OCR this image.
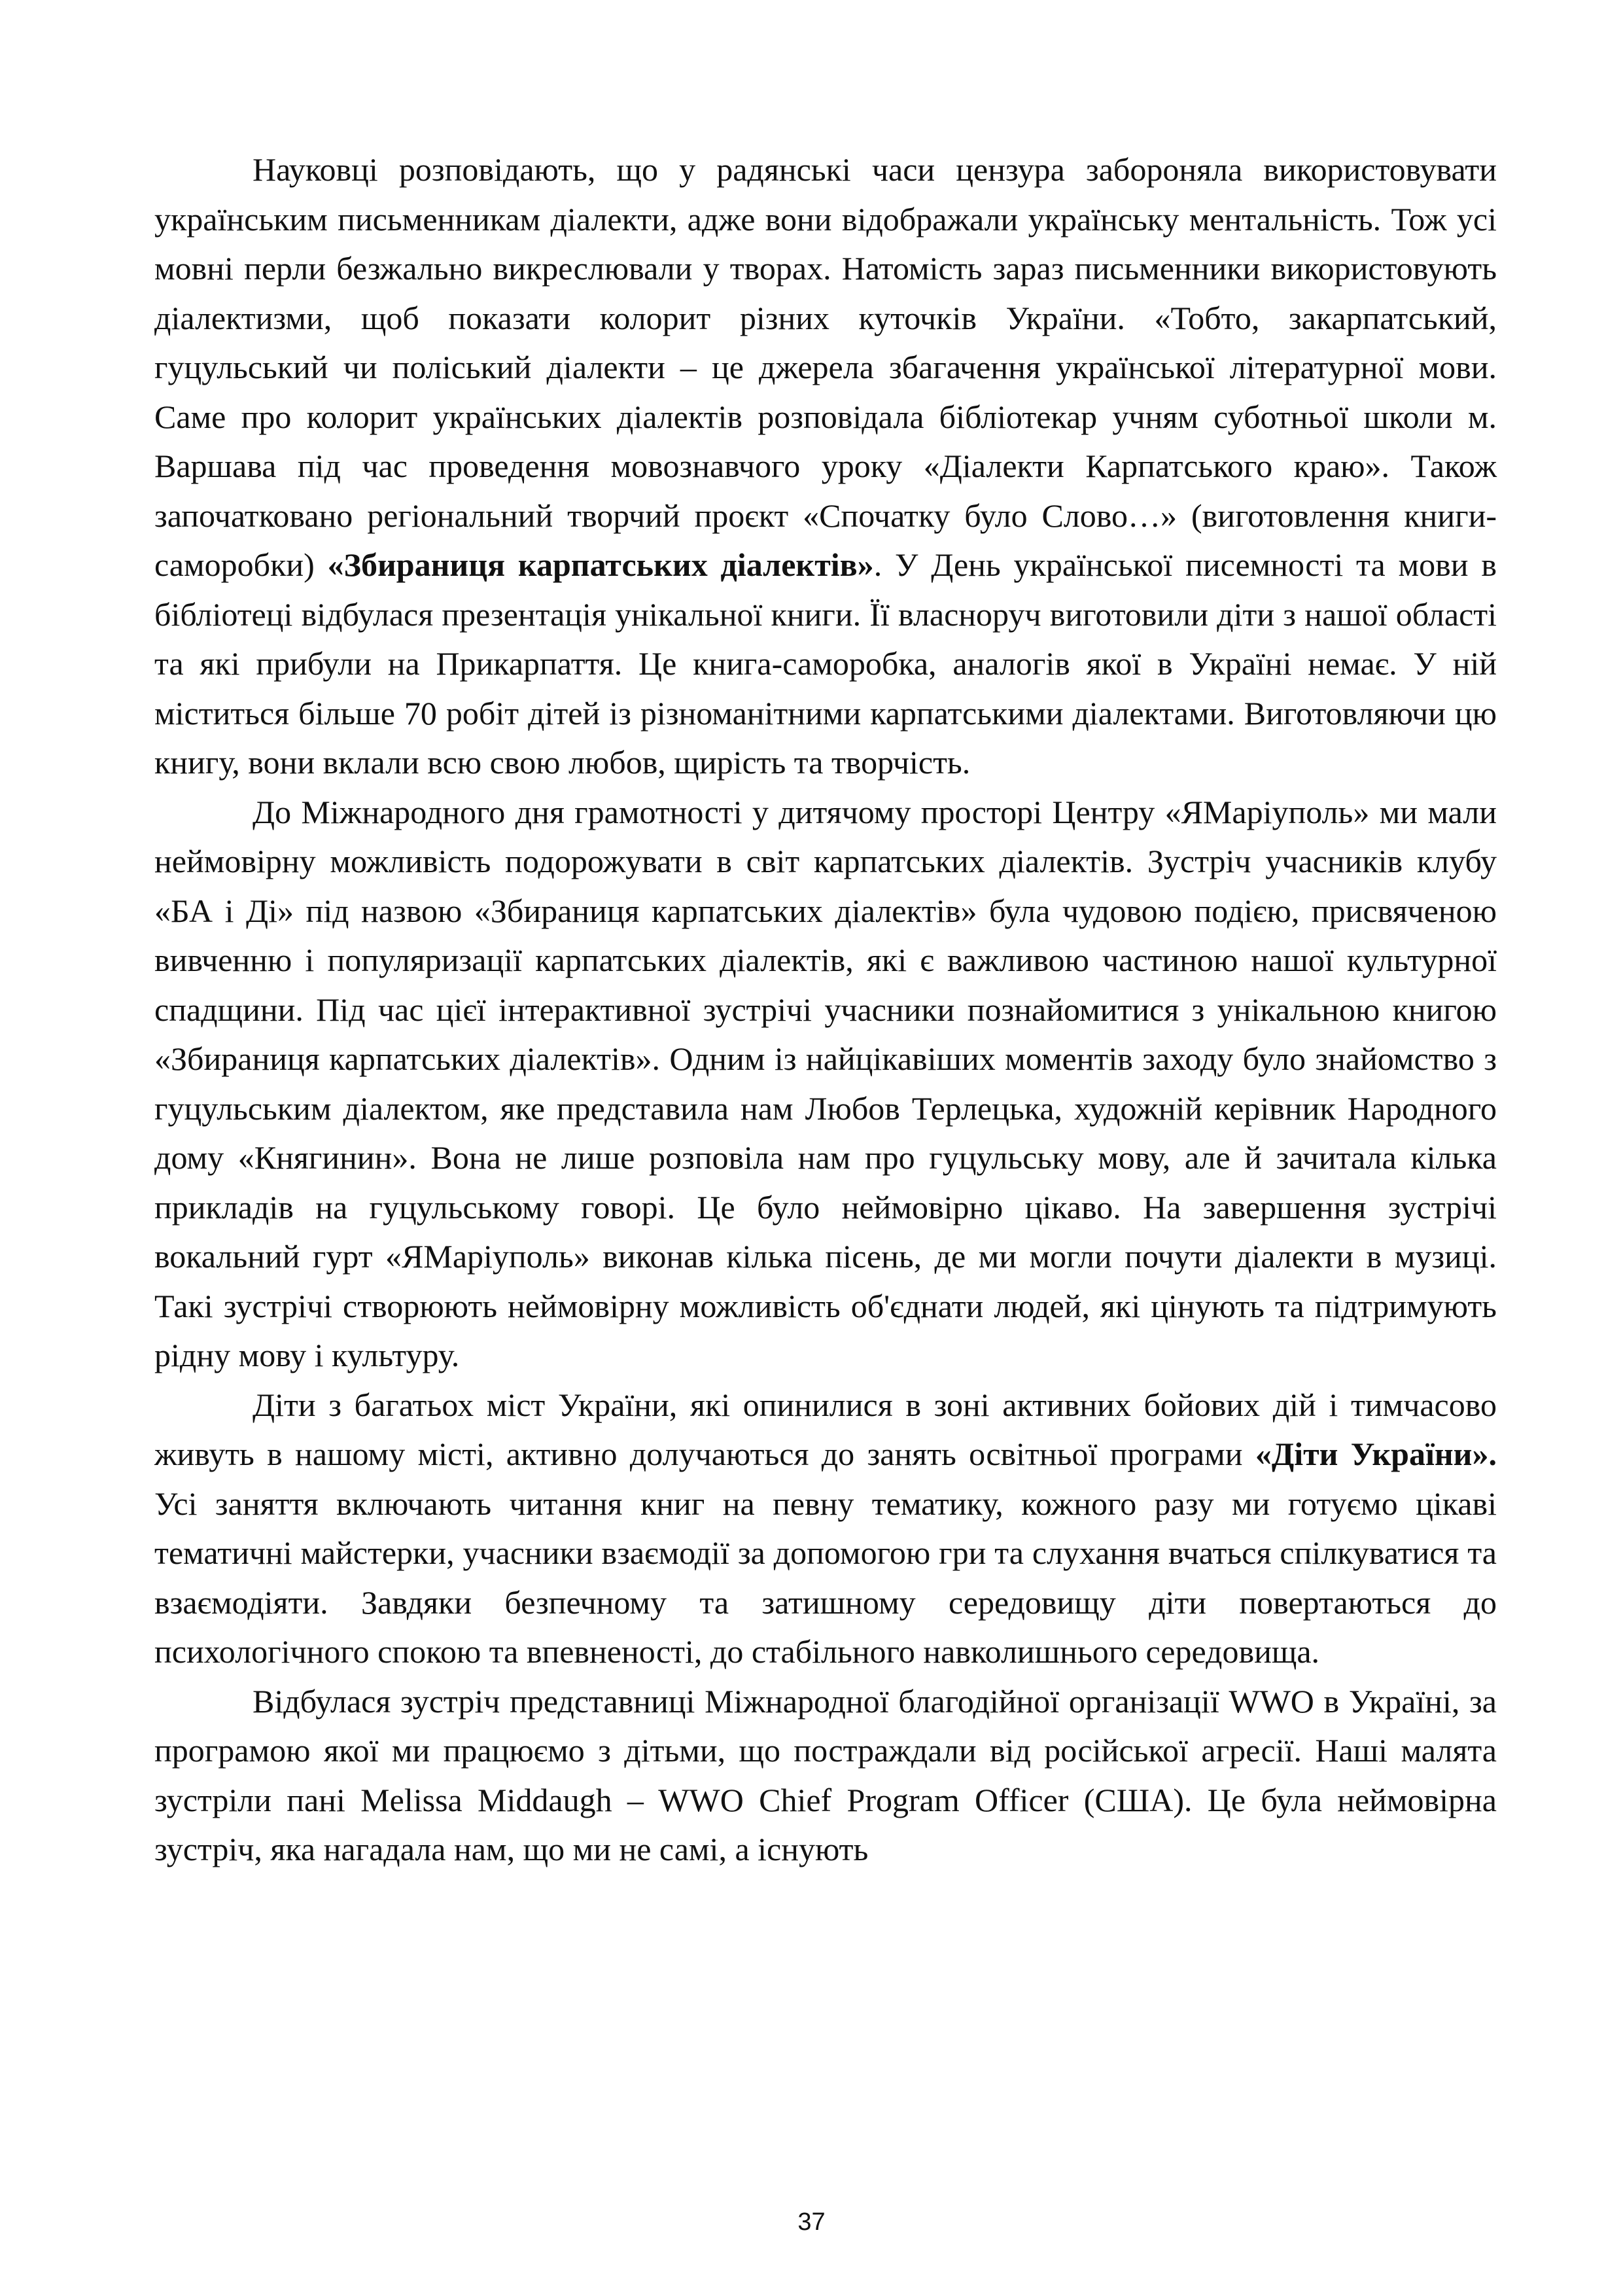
Науковці розповідають, що у радянські часи цензура забороняла використовувати українським письменникам діалекти, адже вони відображали українську ментальність. Тож усі мовні перли безжально викреслювали у творах. Натомість зараз письменники використовують діалектизми, щоб показати колорит різних куточків України. «Тобто, закарпатський, гуцульський чи поліський діалекти – це джерела збагачення української літературної мови. Саме про колорит українських діалектів розповідала бібліотекар учням суботньої школи м. Варшава під час проведення мовознавчого уроку «Діалекти Карпатського краю». Також започатковано регіональний творчий проєкт «Спочатку було Слово…» (виготовлення книги-саморобки) «Збираниця карпатських діалектів». У День української писемності та мови в бібліотеці відбулася презентація унікальної книги. Її власноруч виготовили діти з нашої області та які прибули на Прикарпаття. Це книга-саморобка, аналогів якої в Україні немає. У ній міститься більше 70 робіт дітей із різноманітними карпатськими діалектами. Виготовляючи цю книгу, вони вклали всю свою любов, щирість та творчість.

До Міжнародного дня грамотності у дитячому просторі Центру «ЯМаріуполь» ми мали неймовірну можливість подорожувати в світ карпатських діалектів. Зустріч учасників клубу «БА і Ді» під назвою «Збираниця карпатських діалектів» була чудовою подією, присвяченою вивченню і популяризації карпатських діалектів, які є важливою частиною нашої культурної спадщини. Під час цієї інтерактивної зустрічі учасники познайомитися з унікальною книгою «Збираниця карпатських діалектів». Одним із найцікавіших моментів заходу було знайомство з гуцульським діалектом, яке представила нам Любов Терлецька, художній керівник Народного дому «Княгинин». Вона не лише розповіла нам про гуцульську мову, але й зачитала кілька прикладів на гуцульському говорі. Це було неймовірно цікаво. На завершення зустрічі вокальний гурт «ЯМаріуполь» виконав кілька пісень, де ми могли почути діалекти в музиці. Такі зустрічі створюють неймовірну можливість об'єднати людей, які цінують та підтримують рідну мову і культуру.

Діти з багатьох міст України, які опинилися в зоні активних бойових дій і тимчасово живуть в нашому місті, активно долучаються до занять освітньої програми «Діти України». Усі заняття включають читання книг на певну тематику, кожного разу ми готуємо цікаві тематичні майстерки, учасники взаємодії за допомогою гри та слухання вчаться спілкуватися та взаємодіяти. Завдяки безпечному та затишному середовищу діти повертаються до психологічного спокою та впевненості, до стабільного навколишнього середовища.

Відбулася зустріч представниці Міжнародної благодійної організації WWO в Україні, за програмою якої ми працюємо з дітьми, що постраждали від російської агресії. Наші малята зустріли пані Melissa Middaugh – WWO Chief Program Officer (США). Це була неймовірна зустріч, яка нагадала нам, що ми не самі, а існують

37
